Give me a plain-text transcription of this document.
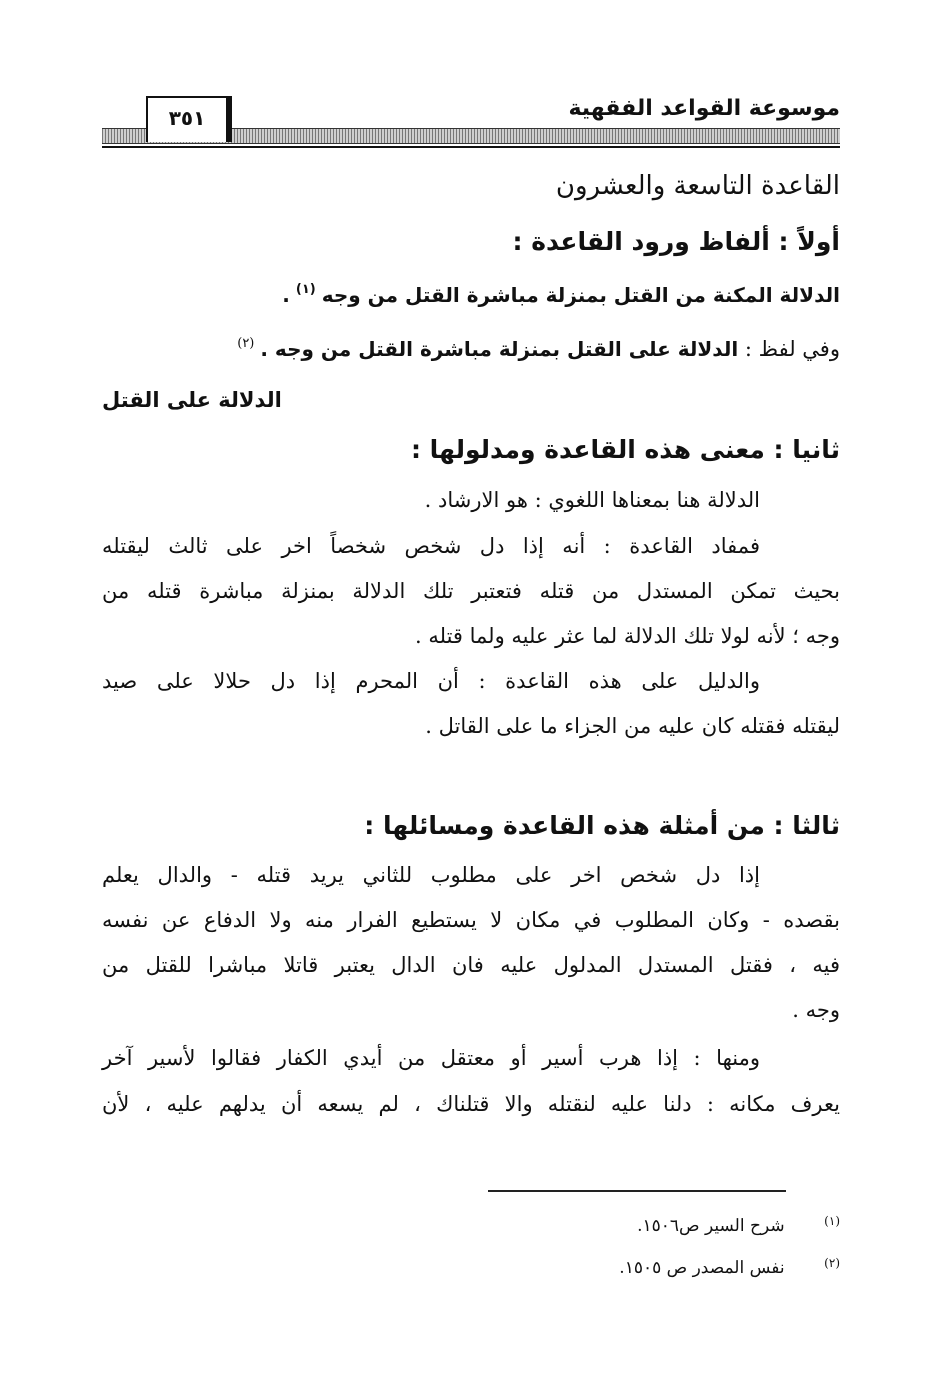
موسوعة القواعد الفقهية
٣٥١
القاعدة التاسعة والعشرون
أولاً : ألفاظ ورود القاعدة :
الدلالة المكنة من القتل بمنزلة مباشرة القتل من وجه$^{(١)}$.
وفي لفظ : الدلالة على القتل بمنزلة مباشرة القتل من وجه .$^{(٢)}$
الدلالة على القتل
ثانيا : معنى هذه القاعدة ومدلولها :
الدلالة هنا بمعناها اللغوي : هو الارشاد .
فمفاد القاعدة : أنه إذا دل شخص شخصاً اخر على ثالث ليقتله
بحيث تمكن المستدل من قتله فتعتبر تلك الدلالة بمنزلة مباشرة قتله من
وجه ؛ لأنه لولا تلك الدلالة لما عثر عليه ولما قتله .
والدليل على هذه القاعدة : أن المحرم إذا دل حلالا على صيد
ليقتله فقتله كان عليه من الجزاء ما على القاتل .
ثالثا : من أمثلة هذه القاعدة ومسائلها :
إذا دل شخص اخر على مطلوب للثاني يريد قتله - والدال يعلم
بقصده - وكان المطلوب في مكان لا يستطيع الفرار منه ولا الدفاع عن نفسه
فيه ، فقتل المستدل المدلول عليه فان الدال يعتبر قاتلا مباشرا للقتل من
وجه .
ومنها : إذا هرب أسير أو معتقل من أيدي الكفار فقالوا لأسير آخر
يعرف مكانه : دلنا عليه لنقتله والا قتلناك ، لم يسعه أن يدلهم عليه ، لأن
(١) شرح السير ص١٥٠٦.
(٢) نفس المصدر ص ١٥٠٥.
